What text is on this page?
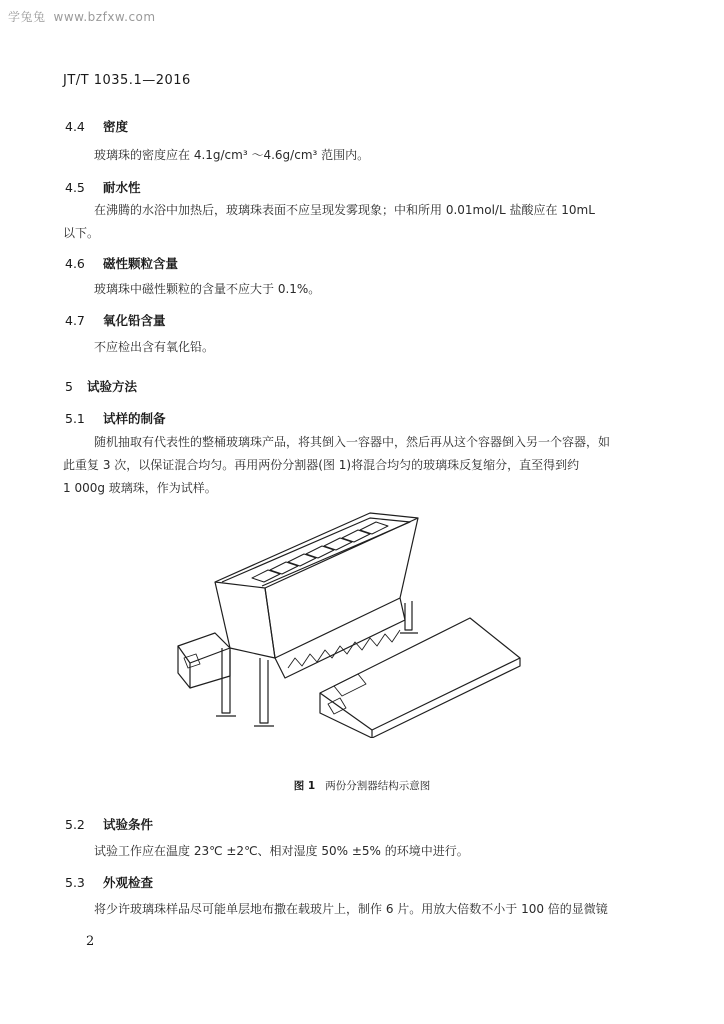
学兔兔 www.bzfxw.com
JT/T 1035.1—2016
4.4 密度
玻璃珠的密度应在 4.1g/cm³ ～4.6g/cm³ 范围内。
4.5 耐水性
在沸腾的水浴中加热后，玻璃珠表面不应呈现发雾现象；中和所用 0.01mol/L 盐酸应在 10mL
以下。
4.6 磁性颗粒含量
玻璃珠中磁性颗粒的含量不应大于 0.1%。
4.7 氧化铅含量
不应检出含有氧化铅。
5 试验方法
5.1 试样的制备
随机抽取有代表性的整桶玻璃珠产品，将其倒入一容器中，然后再从这个容器倒入另一个容器，如
此重复 3 次，以保证混合均匀。再用两份分割器(图 1)将混合均匀的玻璃珠反复缩分，直至得到约
1 000g 玻璃珠，作为试样。
图 1 两份分割器结构示意图
5.2 试验条件
试验工作应在温度 23℃ ±2℃、相对湿度 50% ±5% 的环境中进行。
5.3 外观检查
将少许玻璃珠样品尽可能单层地布撒在载玻片上，制作 6 片。用放大倍数不小于 100 倍的显微镜
2
